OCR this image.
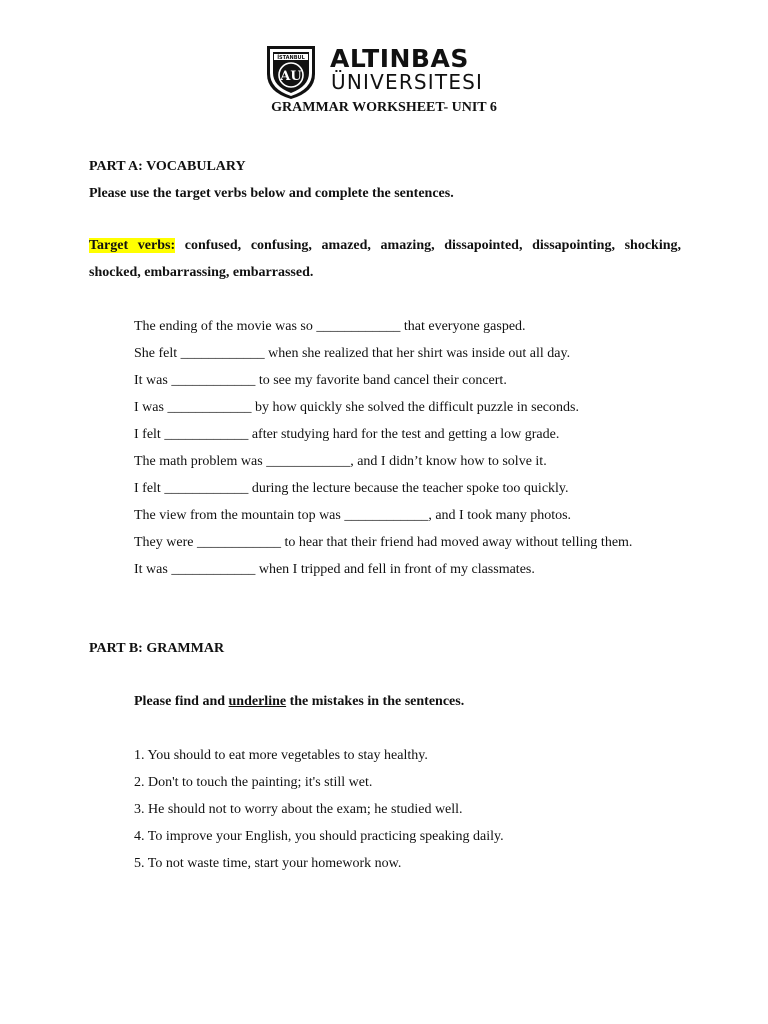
İSTANBUL
AU
ALTINBAS
ÜNIVERSITESI
GRAMMAR WORKSHEET- UNIT 6
PART A: VOCABULARY
Please use the target verbs below and complete the sentences.
Target verbs: confused, confusing, amazed, amazing, dissapointed, dissapointing, shocking,
shocked, embarrassing, embarrassed.
The ending of the movie was so ____________ that everyone gasped.
She felt ____________ when she realized that her shirt was inside out all day.
It was ____________ to see my favorite band cancel their concert.
I was ____________ by how quickly she solved the difficult puzzle in seconds.
I felt ____________ after studying hard for the test and getting a low grade.
The math problem was ____________, and I didn’t know how to solve it.
I felt ____________ during the lecture because the teacher spoke too quickly.
The view from the mountain top was ____________, and I took many photos.
They were ____________ to hear that their friend had moved away without telling them.
It was ____________ when I tripped and fell in front of my classmates.
PART B: GRAMMAR
Please find and underline the mistakes in the sentences.
1. You should to eat more vegetables to stay healthy.
2. Don't to touch the painting; it's still wet.
3. He should not to worry about the exam; he studied well.
4. To improve your English, you should practicing speaking daily.
5. To not waste time, start your homework now.
